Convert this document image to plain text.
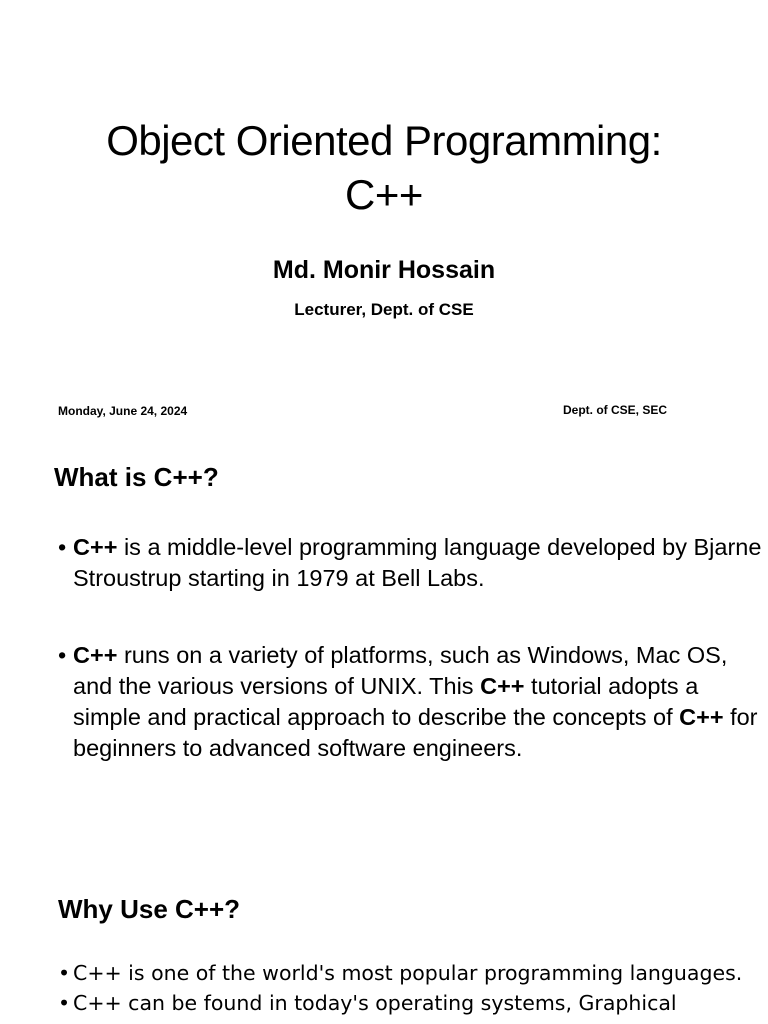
Object Oriented Programming:
C++
Md. Monir Hossain
Lecturer, Dept. of CSE
Monday, June 24, 2024	Dept. of CSE, SEC
What is C++?
• C++ is a middle-level programming language developed by Bjarne Stroustrup starting in 1979 at Bell Labs.
• C++ runs on a variety of platforms, such as Windows, Mac OS, and the various versions of UNIX. This C++ tutorial adopts a simple and practical approach to describe the concepts of C++ for beginners to advanced software engineers.
Why Use C++?
• C++ is one of the world's most popular programming languages.
• C++ can be found in today's operating systems, Graphical
